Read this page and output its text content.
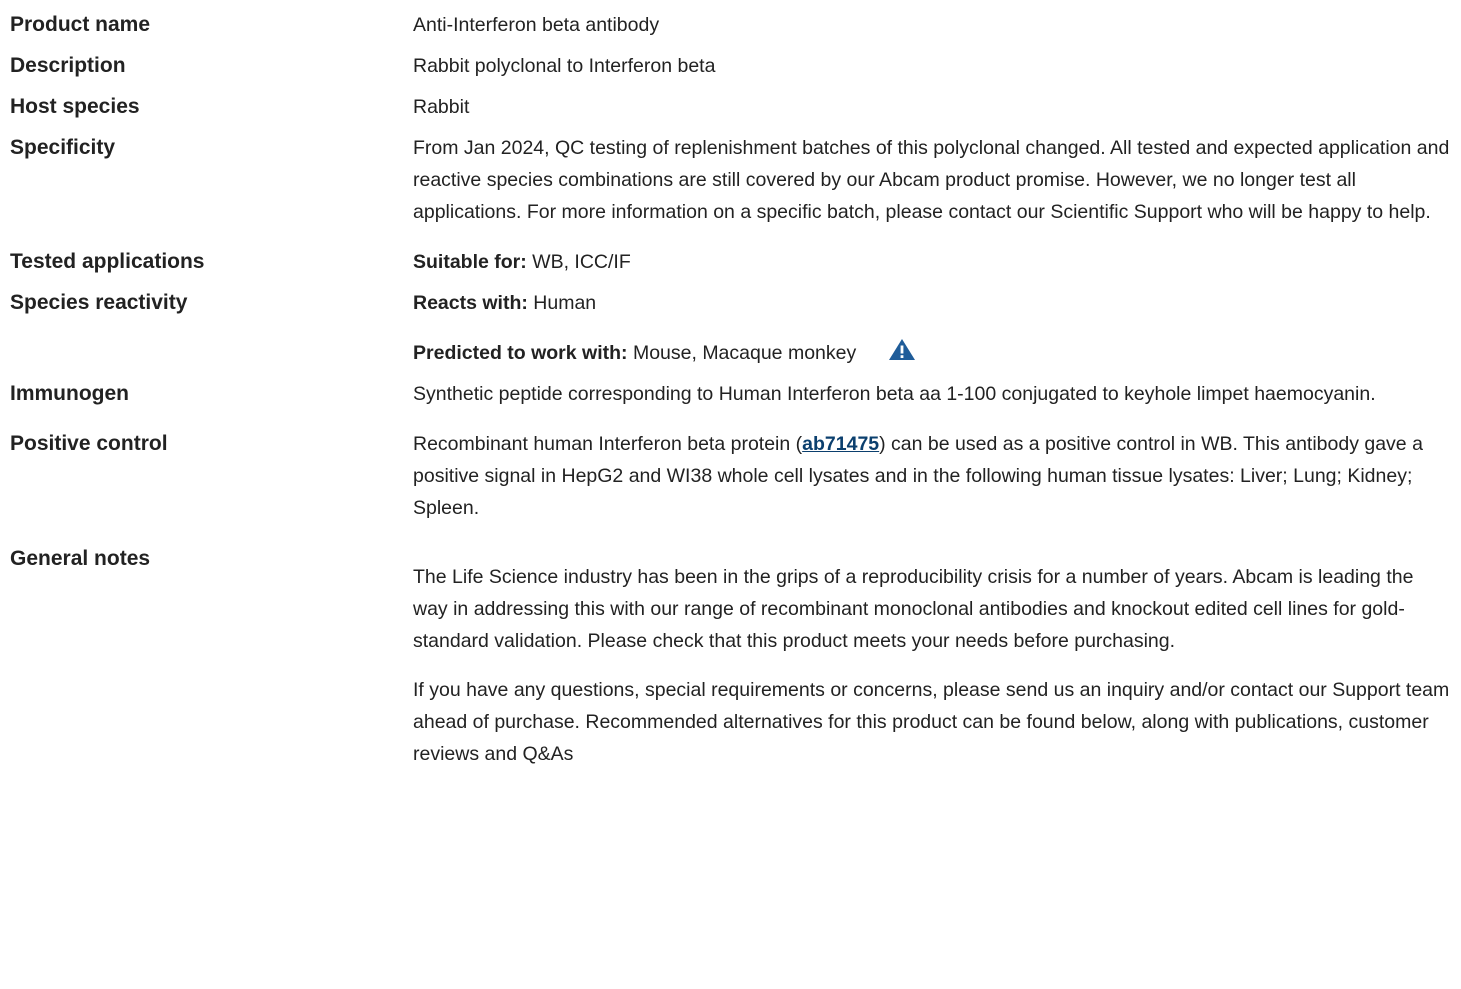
Product name	Anti-Interferon beta antibody
Description	Rabbit polyclonal to Interferon beta
Host species	Rabbit
Specificity	From Jan 2024, QC testing of replenishment batches of this polyclonal changed. All tested and expected application and reactive species combinations are still covered by our Abcam product promise. However, we no longer test all applications. For more information on a specific batch, please contact our Scientific Support who will be happy to help.
Tested applications	Suitable for: WB, ICC/IF
Species reactivity	Reacts with: Human
Predicted to work with: Mouse, Macaque monkey
Immunogen	Synthetic peptide corresponding to Human Interferon beta aa 1-100 conjugated to keyhole limpet haemocyanin.
Positive control	Recombinant human Interferon beta protein (ab71475) can be used as a positive control in WB. This antibody gave a positive signal in HepG2 and WI38 whole cell lysates and in the following human tissue lysates: Liver; Lung; Kidney; Spleen.
General notes

The Life Science industry has been in the grips of a reproducibility crisis for a number of years. Abcam is leading the way in addressing this with our range of recombinant monoclonal antibodies and knockout edited cell lines for gold-standard validation. Please check that this product meets your needs before purchasing.

If you have any questions, special requirements or concerns, please send us an inquiry and/or contact our Support team ahead of purchase. Recommended alternatives for this product can be found below, along with publications, customer reviews and Q&As
